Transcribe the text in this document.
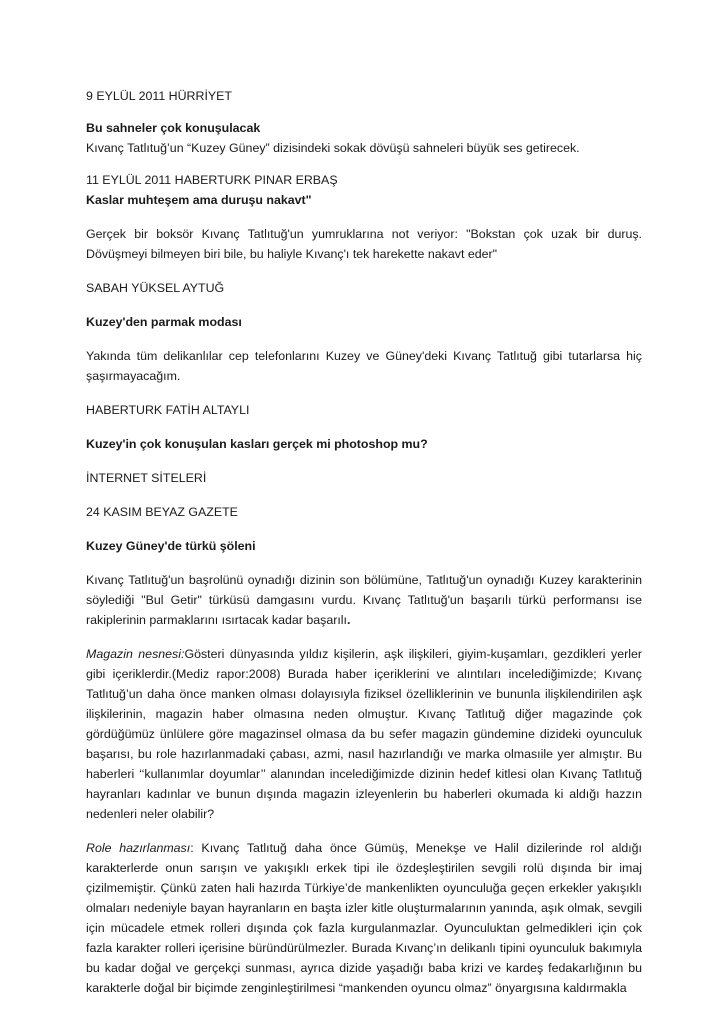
9 EYLÜL 2011 HÜRRİYET

Bu sahneler çok konuşulacak

Kıvanç Tatlıtuğ’un “Kuzey Güney” dizisindeki sokak dövüşü sahneleri büyük ses getirecek.

11 EYLÜL 2011 HABERTURK PINAR ERBAŞ

Kaslar muhteşem ama duruşu nakavt"

Gerçek bir boksör Kıvanç Tatlıtuğ'un yumruklarına not veriyor: "Bokstan çok uzak bir duruş. Dövüşmeyi bilmeyen biri bile, bu haliyle Kıvanç'ı tek harekette nakavt eder"

SABAH YÜKSEL AYTUĞ

Kuzey'den parmak modası

Yakında tüm delikanlılar cep telefonlarını Kuzey ve Güney'deki Kıvanç Tatlıtuğ gibi tutarlarsa hiç şaşırmayacağım.

HABERTURK FATİH ALTAYLI

Kuzey'in çok konuşulan kasları gerçek mi photoshop mu?

İNTERNET SİTELERİ

24 KASIM BEYAZ GAZETE

Kuzey Güney'de türkü şöleni

Kıvanç Tatlıtuğ'un başrolünü oynadığı dizinin son bölümüne, Tatlıtuğ'un oynadığı Kuzey karakterinin söylediği "Bul Getir" türküsü damgasını vurdu. Kıvanç Tatlıtuğ'un başarılı türkü performansı ise rakiplerinin parmaklarını ısırtacak kadar başarılı.

Magazin nesnesi:Gösteri dünyasında yıldız kişilerin, aşk ilişkileri, giyim-kuşamları, gezdikleri yerler gibi içeriklerdir.(Mediz rapor:2008) Burada haber içeriklerini ve alıntıları incelediğimizde; Kıvanç Tatlıtuğ’un daha önce manken olması dolayısıyla fiziksel özelliklerinin ve bununla ilişkilendirilen aşk ilişkilerinin, magazin haber olmasına neden olmuştur. Kıvanç Tatlıtuğ diğer magazinde çok gördüğümüz ünlülere göre magazinsel olmasa da bu sefer magazin gündemine dizideki oyunculuk başarısı, bu role hazırlanmadaki çabası, azmi, nasıl hazırlandığı ve marka olmasıile yer almıştır. Bu haberleri ‘‘kullanımlar doyumlar’’ alanından incelediğimizde dizinin hedef kitlesi olan Kıvanç Tatlıtuğ hayranları kadınlar ve bunun dışında magazin izleyenlerin bu haberleri okumada ki aldığı hazzın nedenleri neler olabilir?

Role hazırlanması: Kıvanç Tatlıtuğ daha önce Gümüş, Menekşe ve Halil dizilerinde rol aldığı karakterlerde onun sarışın ve yakışıklı erkek tipi ile özdeşleştirilen sevgili rolü dışında bir imaj çizilmemiştir. Çünkü zaten hali hazırda Türkiye’de mankenlikten oyunculuğa geçen erkekler yakışıklı olmaları nedeniyle bayan hayranların en başta izler kitle oluşturmalarının yanında, aşık olmak, sevgili için mücadele etmek rolleri dışında çok fazla kurgulanmazlar. Oyunculuktan gelmedikleri için çok fazla karakter rolleri içerisine büründürülmezler. Burada Kıvanç’ın delikanlı tipini oyunculuk bakımıyla bu kadar doğal ve gerçekçi sunması, ayrıca dizide yaşadığı baba krizi ve kardeş fedakarlığının bu karakterle doğal bir biçimde zenginleştirilmesi “mankenden oyuncu olmaz” önyargısına kaldırmakla
